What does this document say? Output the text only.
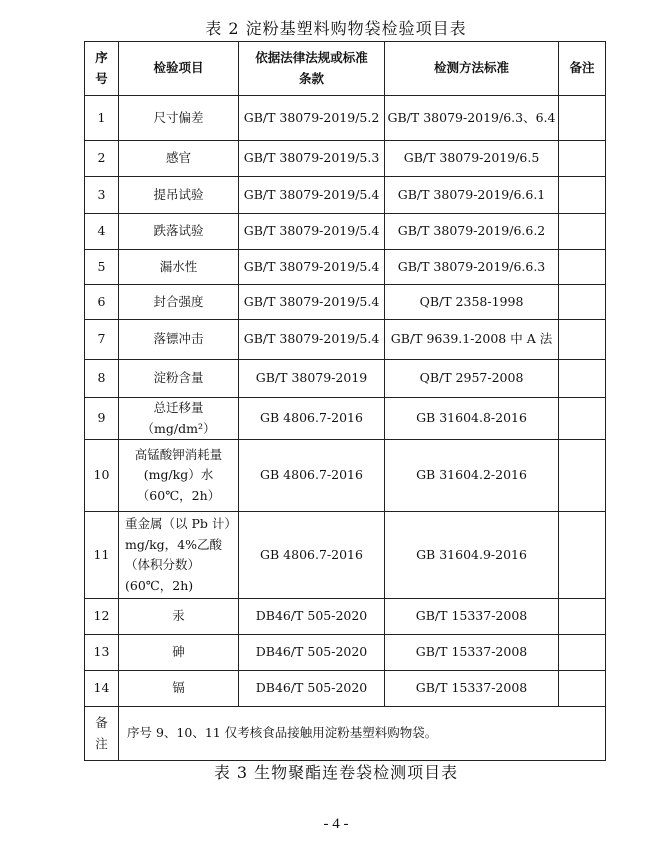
表 2 淀粉基塑料购物袋检验项目表
序号	检验项目	依据法律法规或标准条款	检测方法标准	备注
1	尺寸偏差	GB/T 38079-2019/5.2	GB/T 38079-2019/6.3、6.4	
2	感官	GB/T 38079-2019/5.3	GB/T 38079-2019/6.5	
3	提吊试验	GB/T 38079-2019/5.4	GB/T 38079-2019/6.6.1	
4	跌落试验	GB/T 38079-2019/5.4	GB/T 38079-2019/6.6.2	
5	漏水性	GB/T 38079-2019/5.4	GB/T 38079-2019/6.6.3	
6	封合强度	GB/T 38079-2019/5.4	QB/T 2358-1998	
7	落镖冲击	GB/T 38079-2019/5.4	GB/T 9639.1-2008 中 A 法	
8	淀粉含量	GB/T 38079-2019	QB/T 2957-2008	
9	总迁移量（mg/dm²）	GB 4806.7-2016	GB 31604.8-2016	
10	高锰酸钾消耗量(mg/kg）水（60℃，2h）	GB 4806.7-2016	GB 31604.2-2016	
11	重金属（以 Pb 计）mg/kg，4%乙酸（体积分数）(60℃，2h)	GB 4806.7-2016	GB 31604.9-2016	
12	汞	DB46/T 505-2020	GB/T 15337-2008	
13	砷	DB46/T 505-2020	GB/T 15337-2008	
14	镉	DB46/T 505-2020	GB/T 15337-2008	
备注	序号 9、10、11 仅考核食品接触用淀粉基塑料购物袋。			
表 3 生物聚酯连卷袋检测项目表
- 4 -
